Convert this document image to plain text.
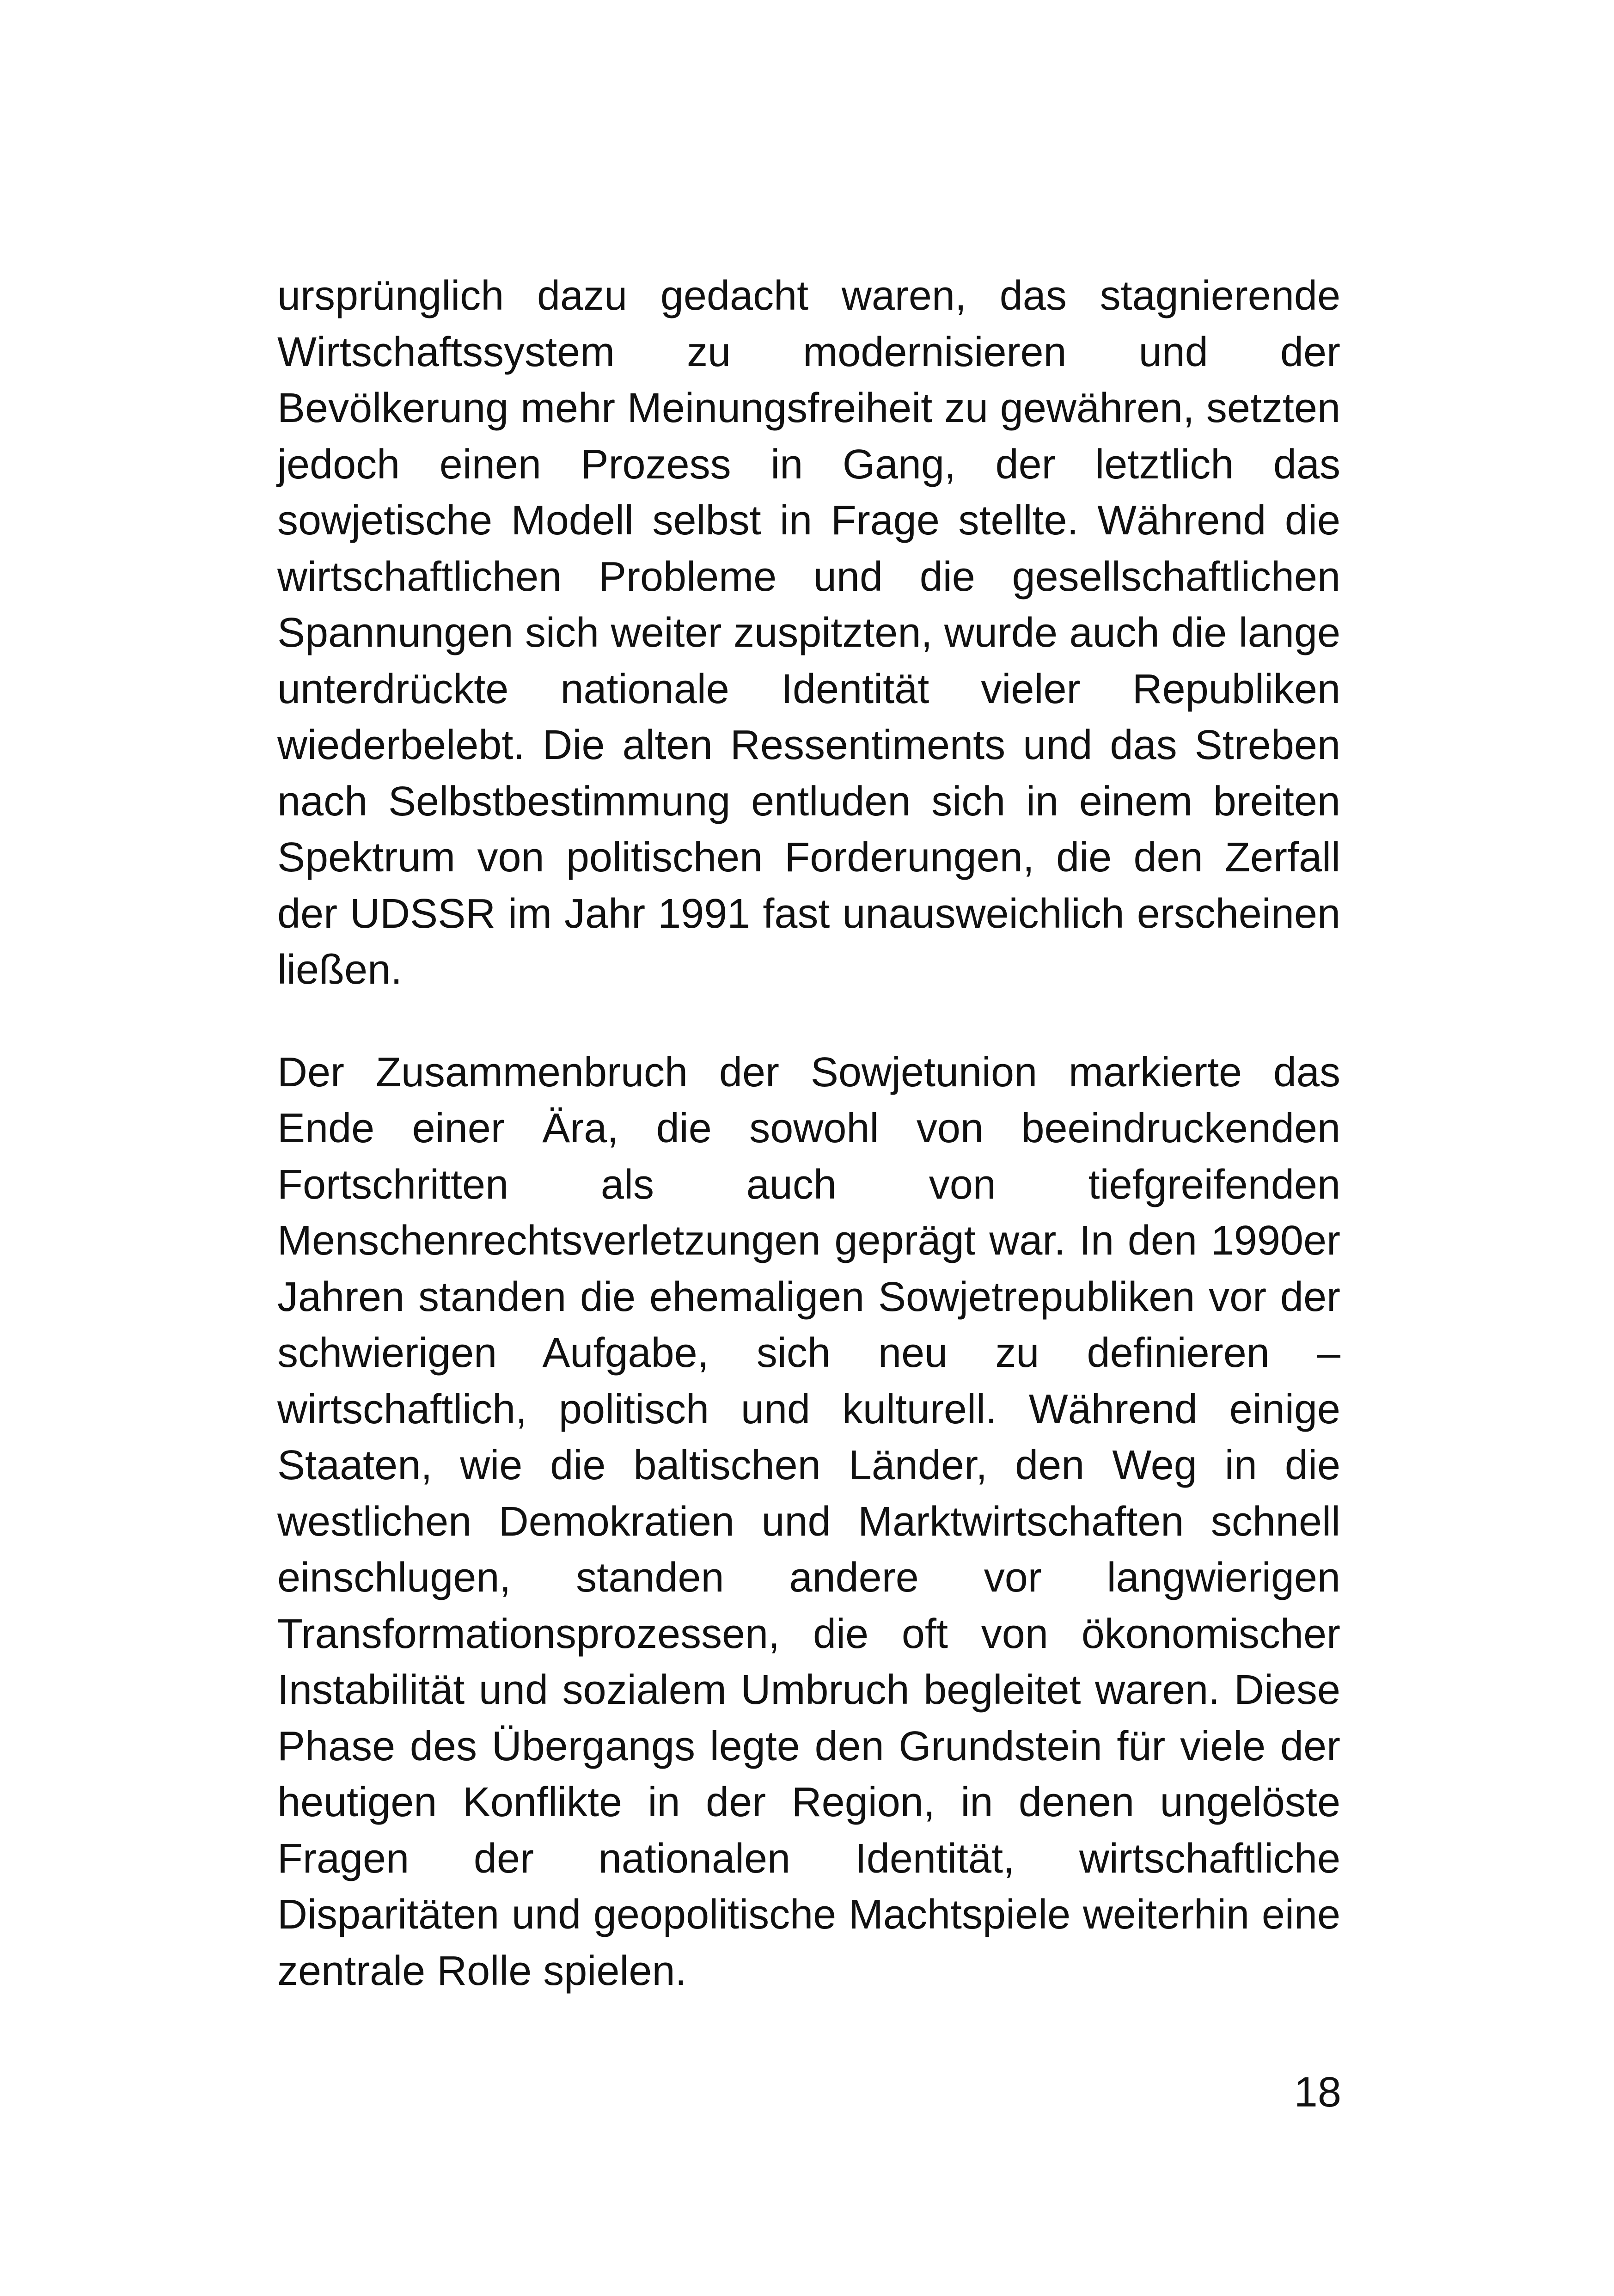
ursprünglich dazu gedacht waren, das stagnierende Wirtschaftssystem zu modernisieren und der Bevölkerung mehr Meinungsfreiheit zu gewähren, setzten jedoch einen Prozess in Gang, der letztlich das sowjetische Modell selbst in Frage stellte. Während die wirtschaftlichen Probleme und die gesellschaftlichen Spannungen sich weiter zuspitzten, wurde auch die lange unterdrückte nationale Identität vieler Republiken wiederbelebt. Die alten Ressentiments und das Streben nach Selbstbestimmung entluden sich in einem breiten Spektrum von politischen Forderungen, die den Zerfall der UDSSR im Jahr 1991 fast unausweichlich erscheinen ließen.

Der Zusammenbruch der Sowjetunion markierte das Ende einer Ära, die sowohl von beeindruckenden Fortschritten als auch von tiefgreifenden Menschenrechtsverletzungen geprägt war. In den 1990er Jahren standen die ehemaligen Sowjetrepubliken vor der schwierigen Aufgabe, sich neu zu definieren – wirtschaftlich, politisch und kulturell. Während einige Staaten, wie die baltischen Länder, den Weg in die westlichen Demokratien und Marktwirtschaften schnell einschlugen, standen andere vor langwierigen Transformationsprozessen, die oft von ökonomischer Instabilität und sozialem Umbruch begleitet waren. Diese Phase des Übergangs legte den Grundstein für viele der heutigen Konflikte in der Region, in denen ungelöste Fragen der nationalen Identität, wirtschaftliche Disparitäten und geopolitische Machtspiele weiterhin eine zentrale Rolle spielen.

18
